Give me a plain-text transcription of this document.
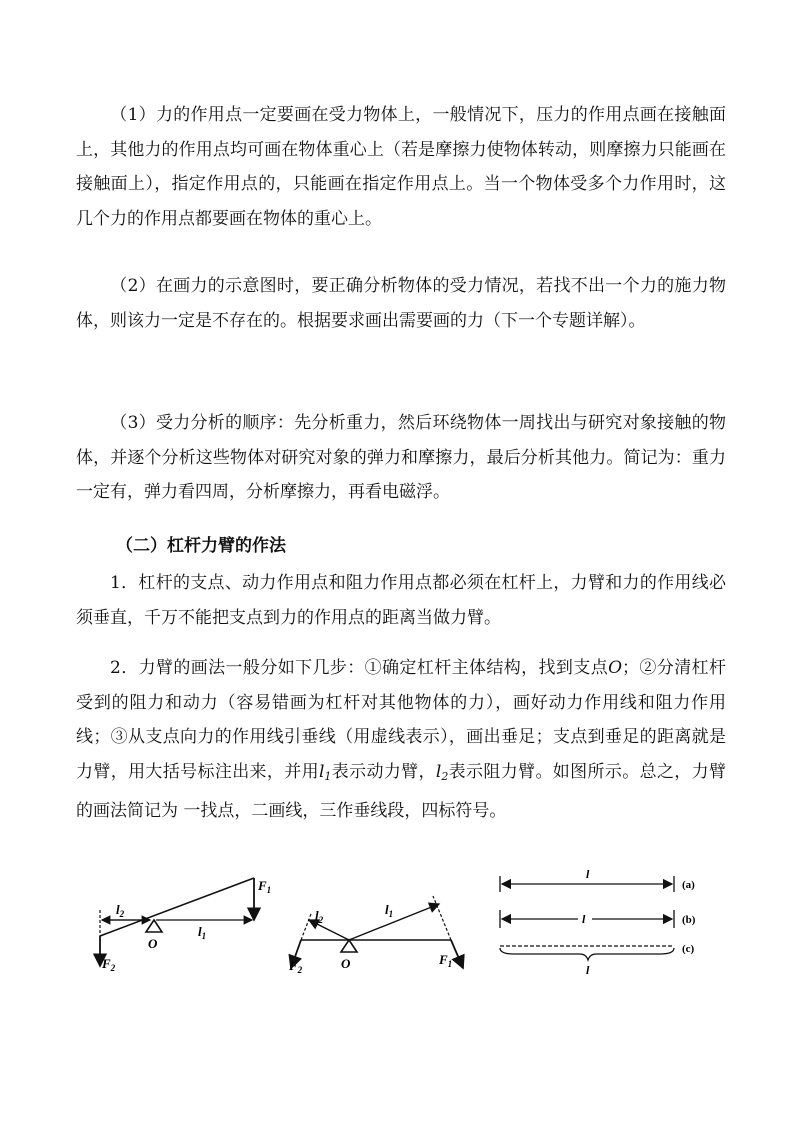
（1）力的作用点一定要画在受力物体上，一般情况下，压力的作用点画在接触面上，其他力的作用点均可画在物体重心上（若是摩擦力使物体转动，则摩擦力只能画在接触面上），指定作用点的，只能画在指定作用点上。当一个物体受多个力作用时，这几个力的作用点都要画在物体的重心上。
（2）在画力的示意图时，要正确分析物体的受力情况，若找不出一个力的施力物体，则该力一定是不存在的。根据要求画出需要画的力（下一个专题详解）。
（3）受力分析的顺序：先分析重力，然后环绕物体一周找出与研究对象接触的物体，并逐个分析这些物体对研究对象的弹力和摩擦力，最后分析其他力。简记为：重力一定有，弹力看四周，分析摩擦力，再看电磁浮。
（二）杠杆力臂的作法
1．杠杆的支点、动力作用点和阻力作用点都必须在杠杆上，力臂和力的作用线必须垂直，千万不能把支点到力的作用点的距离当做力臂。
2．力臂的画法一般分如下几步：①确定杠杆主体结构，找到支点O；②分清杠杆受到的阻力和动力（容易错画为杠杆对其他物体的力），画好动力作用线和阻力作用线；③从支点向力的作用线引垂线（用虚线表示），画出垂足；支点到垂足的距离就是力臂，用大括号标注出来，并用$l_1$表示动力臂，$l_2$表示阻力臂。如图所示。总之，力臂的画法简记为 一找点，二画线，三作垂线段，四标符号。
O
$F_1$
$F_2$
$l_2$
$l_1$
O	$F_1$
$F_2$
$l_2$
$l_1$
l
(a)
l	(b)
l
(c)
